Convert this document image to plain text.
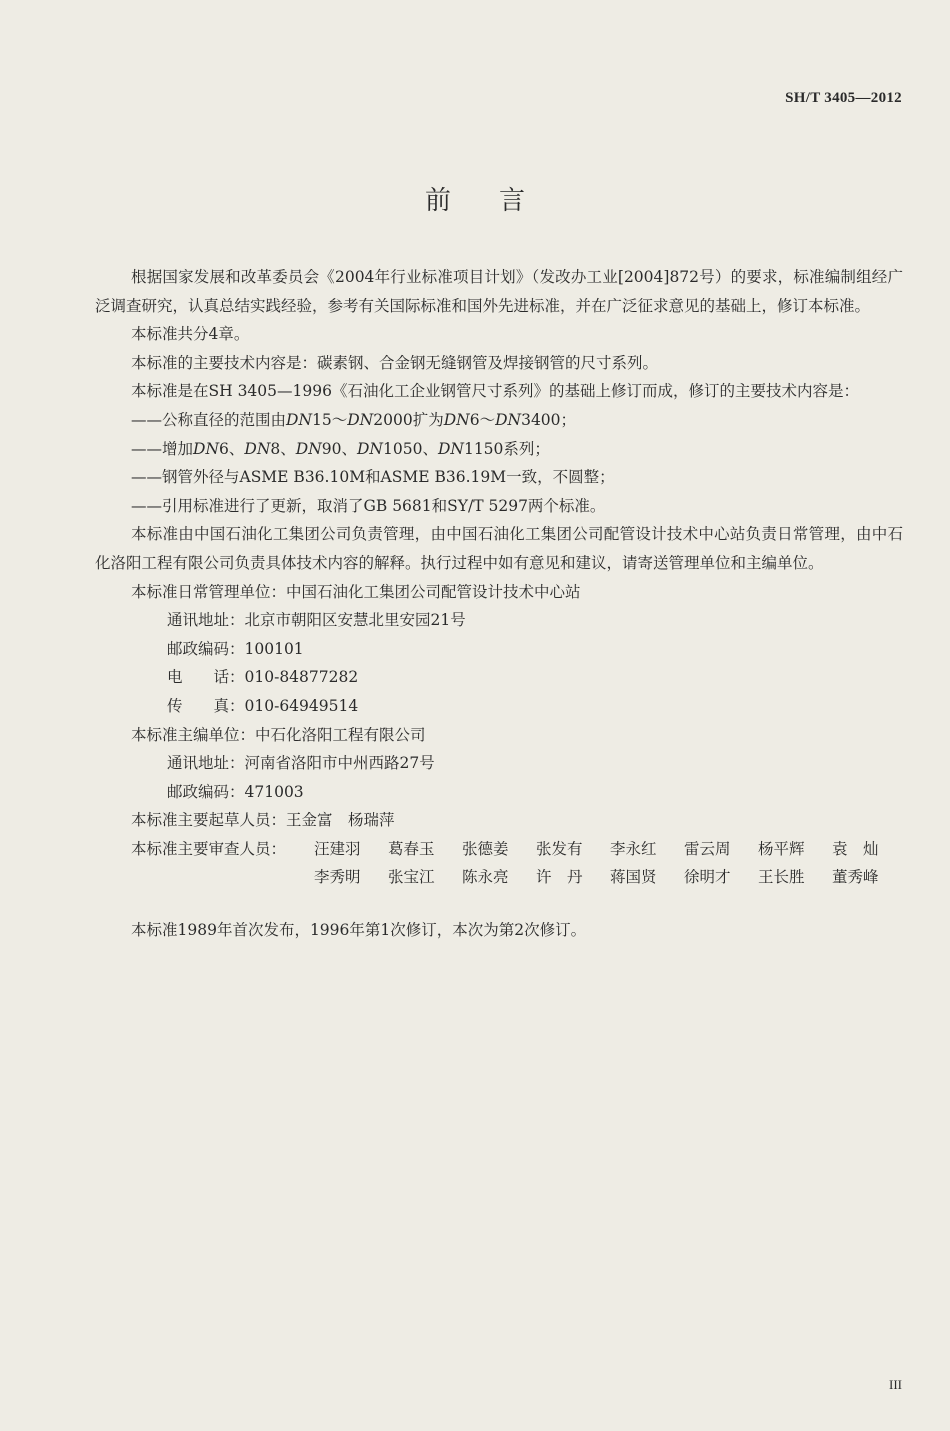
SH/T 3405—2012
前言

根据国家发展和改革委员会《2004年行业标准项目计划》（发改办工业[2004]872号）的要求，标准编制组经广泛调查研究，认真总结实践经验，参考有关国际标准和国外先进标准，并在广泛征求意见的基础上，修订本标准。

本标准共分4章。

本标准的主要技术内容是：碳素钢、合金钢无缝钢管及焊接钢管的尺寸系列。

本标准是在SH 3405—1996《石油化工企业钢管尺寸系列》的基础上修订而成，修订的主要技术内容是：

——公称直径的范围由DN15～DN2000扩为DN6～DN3400；

——增加DN6、DN8、DN90、DN1050、DN1150系列；

——钢管外径与ASME B36.10M和ASME B36.19M一致，不圆整；

——引用标准进行了更新，取消了GB 5681和SY/T 5297两个标准。

本标准由中国石油化工集团公司负责管理，由中国石油化工集团公司配管设计技术中心站负责日常管理，由中石化洛阳工程有限公司负责具体技术内容的解释。执行过程中如有意见和建议，请寄送管理单位和主编单位。

本标准日常管理单位：中国石油化工集团公司配管设计技术中心站

通讯地址：北京市朝阳区安慧北里安园21号

邮政编码：100101

电　　话：010-84877282

传　　真：010-64949514

本标准主编单位：中石化洛阳工程有限公司

通讯地址：河南省洛阳市中州西路27号

邮政编码：471003

本标准主要起草人员：王金富　杨瑞萍

本标准主要审查人员：	汪建羽	葛春玉	张德姜	张发有	李永红	雷云周	杨平辉	袁　灿
李秀明	张宝江	陈永亮	许　丹	蒋国贤	徐明才	王长胜	董秀峰

本标准1989年首次发布，1996年第1次修订，本次为第2次修订。

III
